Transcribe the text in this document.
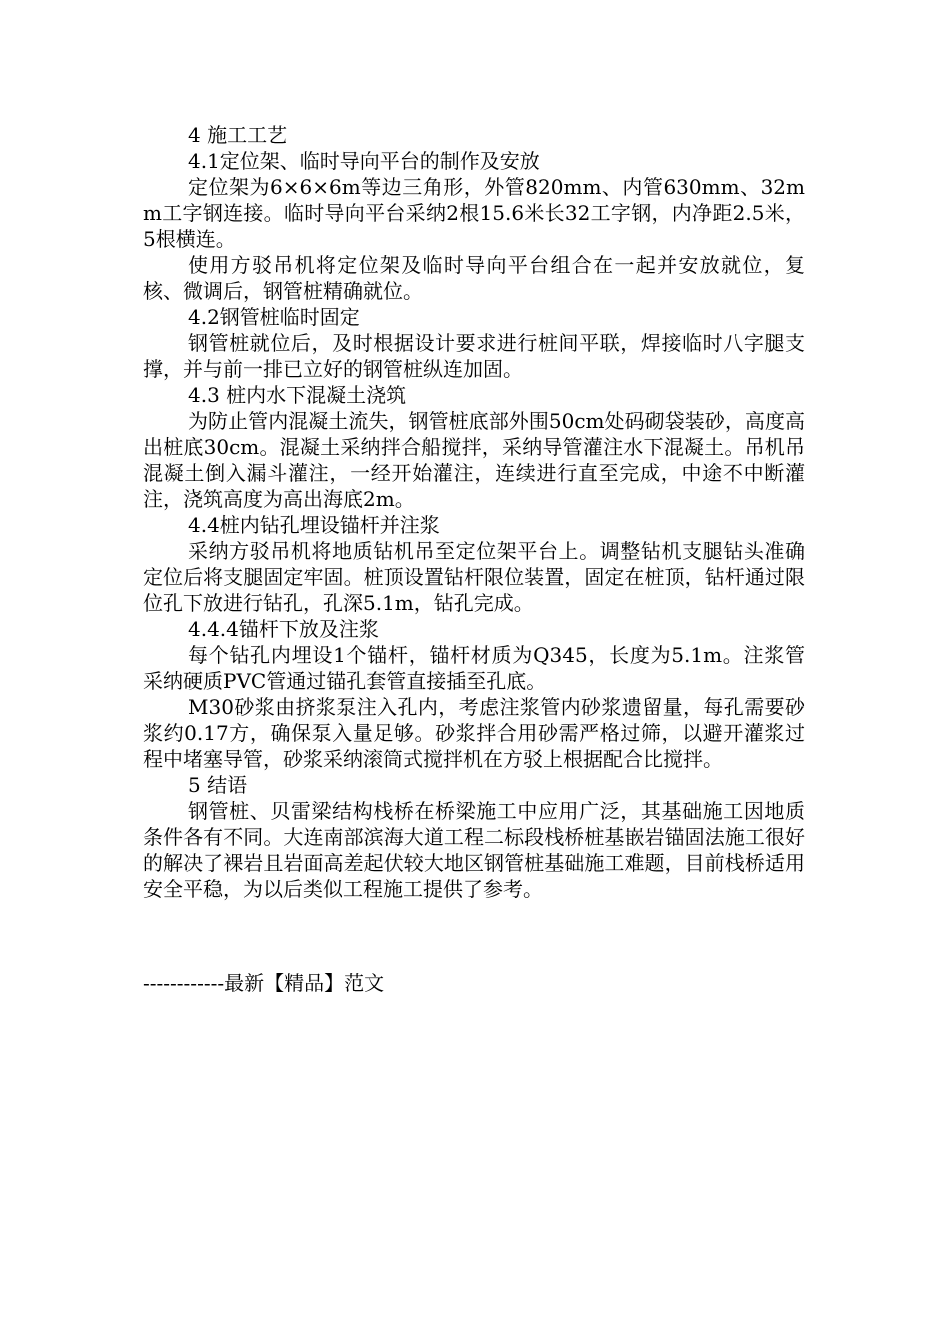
4 施工工艺

4.1定位架、临时导向平台的制作及安放

定位架为6×6×6m等边三角形，外管820mm、内管630mm、32mm工字钢连接。临时导向平台采纳2根15.6米长32工字钢，内净距2.5米，5根横连。

使用方驳吊机将定位架及临时导向平台组合在一起并安放就位，复核、微调后，钢管桩精确就位。

4.2钢管桩临时固定

钢管桩就位后，及时根据设计要求进行桩间平联，焊接临时八字腿支撑，并与前一排已立好的钢管桩纵连加固。

4.3 桩内水下混凝土浇筑

为防止管内混凝土流失，钢管桩底部外围50cm处码砌袋装砂，高度高出桩底30cm。混凝土采纳拌合船搅拌，采纳导管灌注水下混凝土。吊机吊混凝土倒入漏斗灌注，一经开始灌注，连续进行直至完成，中途不中断灌注，浇筑高度为高出海底2m。

4.4桩内钻孔埋设锚杆并注浆

采纳方驳吊机将地质钻机吊至定位架平台上。调整钻机支腿钻头准确定位后将支腿固定牢固。桩顶设置钻杆限位装置，固定在桩顶，钻杆通过限位孔下放进行钻孔，孔深5.1m，钻孔完成。

4.4.4锚杆下放及注浆

每个钻孔内埋设1个锚杆，锚杆材质为Q345，长度为5.1m。注浆管采纳硬质PVC管通过锚孔套管直接插至孔底。

M30砂浆由挤浆泵注入孔内，考虑注浆管内砂浆遗留量，每孔需要砂浆约0.17方，确保泵入量足够。砂浆拌合用砂需严格过筛，以避开灌浆过程中堵塞导管，砂浆采纳滚筒式搅拌机在方驳上根据配合比搅拌。

5 结语

钢管桩、贝雷梁结构栈桥在桥梁施工中应用广泛，其基础施工因地质条件各有不同。大连南部滨海大道工程二标段栈桥桩基嵌岩锚固法施工很好的解决了裸岩且岩面高差起伏较大地区钢管桩基础施工难题，目前栈桥适用安全平稳，为以后类似工程施工提供了参考。

------------最新【精品】范文
